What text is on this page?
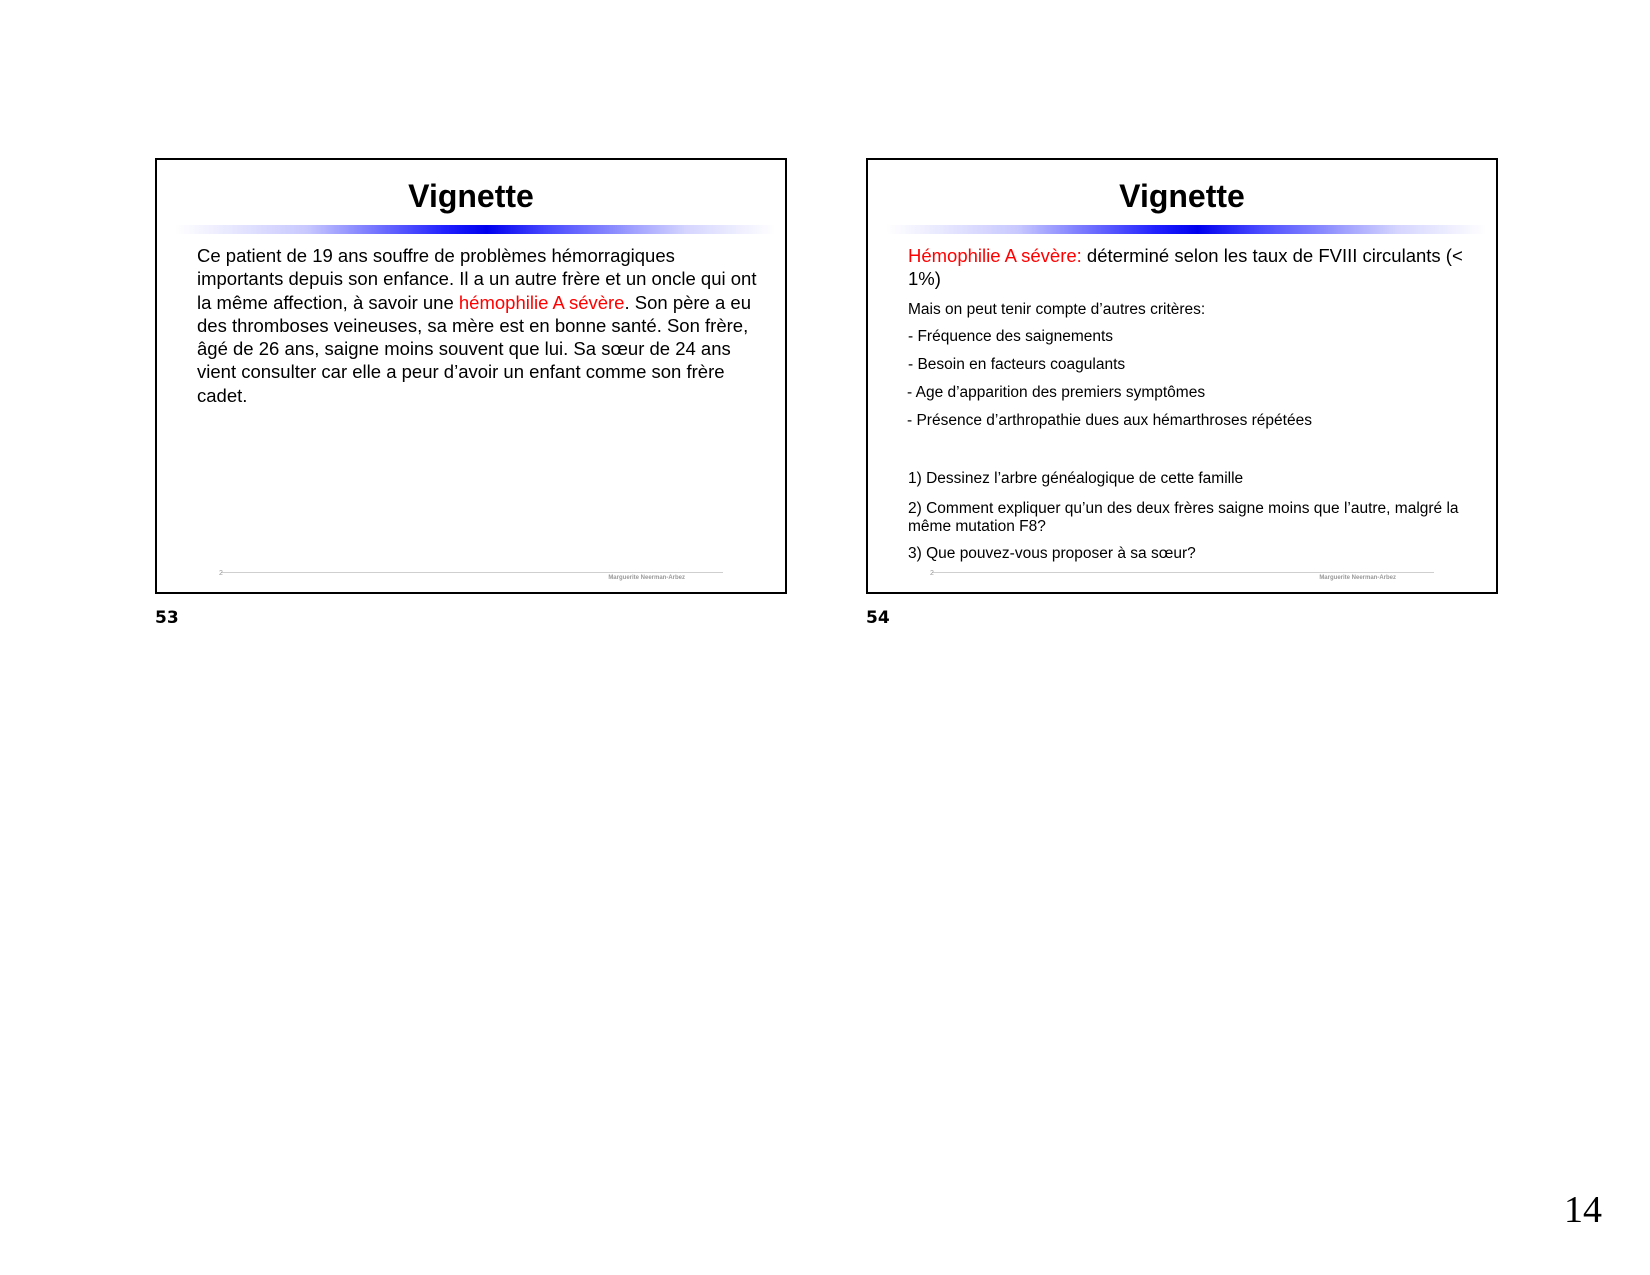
Vignette

Ce patient de 19 ans souffre de problèmes hémorragiques importants depuis son enfance. Il a un autre frère et un oncle qui ont la même affection, à savoir une hémophilie A sévère. Son père a eu des thromboses veineuses, sa mère est en bonne santé. Son frère, âgé de 26 ans, saigne moins souvent que lui. Sa sœur de 24 ans vient consulter car elle a peur d’avoir un enfant comme son frère cadet.

2
Marguerite Neerman-Arbez
53
Vignette

Hémophilie A sévère: déterminé selon les taux de FVIII circulants (< 1%)

Mais on peut tenir compte d’autres critères:

- Fréquence des saignements

- Besoin en facteurs coagulants

- Age d’apparition des premiers symptômes

- Présence d’arthropathie dues aux hémarthroses répétées

1) Dessinez l’arbre généalogique de cette famille

2) Comment expliquer qu’un des deux frères saigne moins que l’autre, malgré la même mutation F8?

3) Que pouvez-vous proposer à sa sœur?

2
Marguerite Neerman-Arbez
54
14
